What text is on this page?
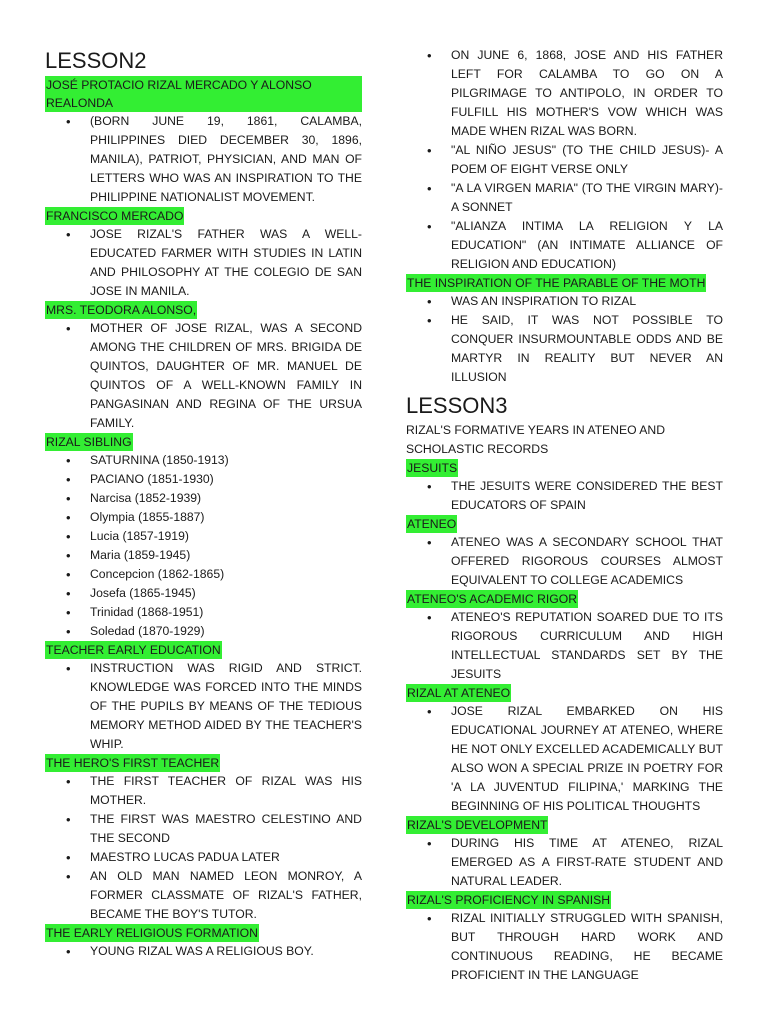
LESSON2
JOSÉ PROTACIO RIZAL MERCADO Y ALONSO REALONDA
• (BORN JUNE 19, 1861, CALAMBA, PHILIPPINES DIED DECEMBER 30, 1896, MANILA), PATRIOT, PHYSICIAN, AND MAN OF LETTERS WHO WAS AN INSPIRATION TO THE PHILIPPINE NATIONALIST MOVEMENT.
FRANCISCO MERCADO
• JOSE RIZAL'S FATHER WAS A WELL-EDUCATED FARMER WITH STUDIES IN LATIN AND PHILOSOPHY AT THE COLEGIO DE SAN JOSE IN MANILA.
MRS. TEODORA ALONSO,
• MOTHER OF JOSE RIZAL, WAS A SECOND AMONG THE CHILDREN OF MRS. BRIGIDA DE QUINTOS, DAUGHTER OF MR. MANUEL DE QUINTOS OF A WELL-KNOWN FAMILY IN PANGASINAN AND REGINA OF THE URSUA FAMILY.
RIZAL SIBLING
• SATURNINA (1850-1913)
• PACIANO (1851-1930)
• Narcisa (1852-1939)
• Olympia (1855-1887)
• Lucia (1857-1919)
• Maria (1859-1945)
• Concepcion (1862-1865)
• Josefa (1865-1945)
• Trinidad (1868-1951)
• Soledad (1870-1929)
TEACHER EARLY EDUCATION
• INSTRUCTION WAS RIGID AND STRICT. KNOWLEDGE WAS FORCED INTO THE MINDS OF THE PUPILS BY MEANS OF THE TEDIOUS MEMORY METHOD AIDED BY THE TEACHER'S WHIP.
THE HERO'S FIRST TEACHER
• THE FIRST TEACHER OF RIZAL WAS HIS MOTHER.
• THE FIRST WAS MAESTRO CELESTINO AND THE SECOND
• MAESTRO LUCAS PADUA LATER
• AN OLD MAN NAMED LEON MONROY, A FORMER CLASSMATE OF RIZAL'S FATHER, BECAME THE BOY'S TUTOR.
THE EARLY RELIGIOUS FORMATION
• YOUNG RIZAL WAS A RELIGIOUS BOY.
• ON JUNE 6, 1868, JOSE AND HIS FATHER LEFT FOR CALAMBA TO GO ON A PILGRIMAGE TO ANTIPOLO, IN ORDER TO FULFILL HIS MOTHER'S VOW WHICH WAS MADE WHEN RIZAL WAS BORN.
• "AL NIÑO JESUS" (TO THE CHILD JESUS)- A POEM OF EIGHT VERSE ONLY
• "A LA VIRGEN MARIA" (TO THE VIRGIN MARY)- A SONNET
• "ALIANZA INTIMA LA RELIGION Y LA EDUCATION" (AN INTIMATE ALLIANCE OF RELIGION AND EDUCATION)
THE INSPIRATION OF THE PARABLE OF THE MOTH
• WAS AN INSPIRATION TO RIZAL
• HE SAID, IT WAS NOT POSSIBLE TO CONQUER INSURMOUNTABLE ODDS AND BE MARTYR IN REALITY BUT NEVER AN ILLUSION
LESSON3
RIZAL'S FORMATIVE YEARS IN ATENEO AND SCHOLASTIC RECORDS
JESUITS
• THE JESUITS WERE CONSIDERED THE BEST EDUCATORS OF SPAIN
ATENEO
• ATENEO WAS A SECONDARY SCHOOL THAT OFFERED RIGOROUS COURSES ALMOST EQUIVALENT TO COLLEGE ACADEMICS
ATENEO'S ACADEMIC RIGOR
• ATENEO'S REPUTATION SOARED DUE TO ITS RIGOROUS CURRICULUM AND HIGH INTELLECTUAL STANDARDS SET BY THE JESUITS
RIZAL AT ATENEO
• JOSE RIZAL EMBARKED ON HIS EDUCATIONAL JOURNEY AT ATENEO, WHERE HE NOT ONLY EXCELLED ACADEMICALLY BUT ALSO WON A SPECIAL PRIZE IN POETRY FOR 'A LA JUVENTUD FILIPINA,' MARKING THE BEGINNING OF HIS POLITICAL THOUGHTS
RIZAL'S DEVELOPMENT
• DURING HIS TIME AT ATENEO, RIZAL EMERGED AS A FIRST-RATE STUDENT AND NATURAL LEADER.
RIZAL'S PROFICIENCY IN SPANISH
• RIZAL INITIALLY STRUGGLED WITH SPANISH, BUT THROUGH HARD WORK AND CONTINUOUS READING, HE BECAME PROFICIENT IN THE LANGUAGE
